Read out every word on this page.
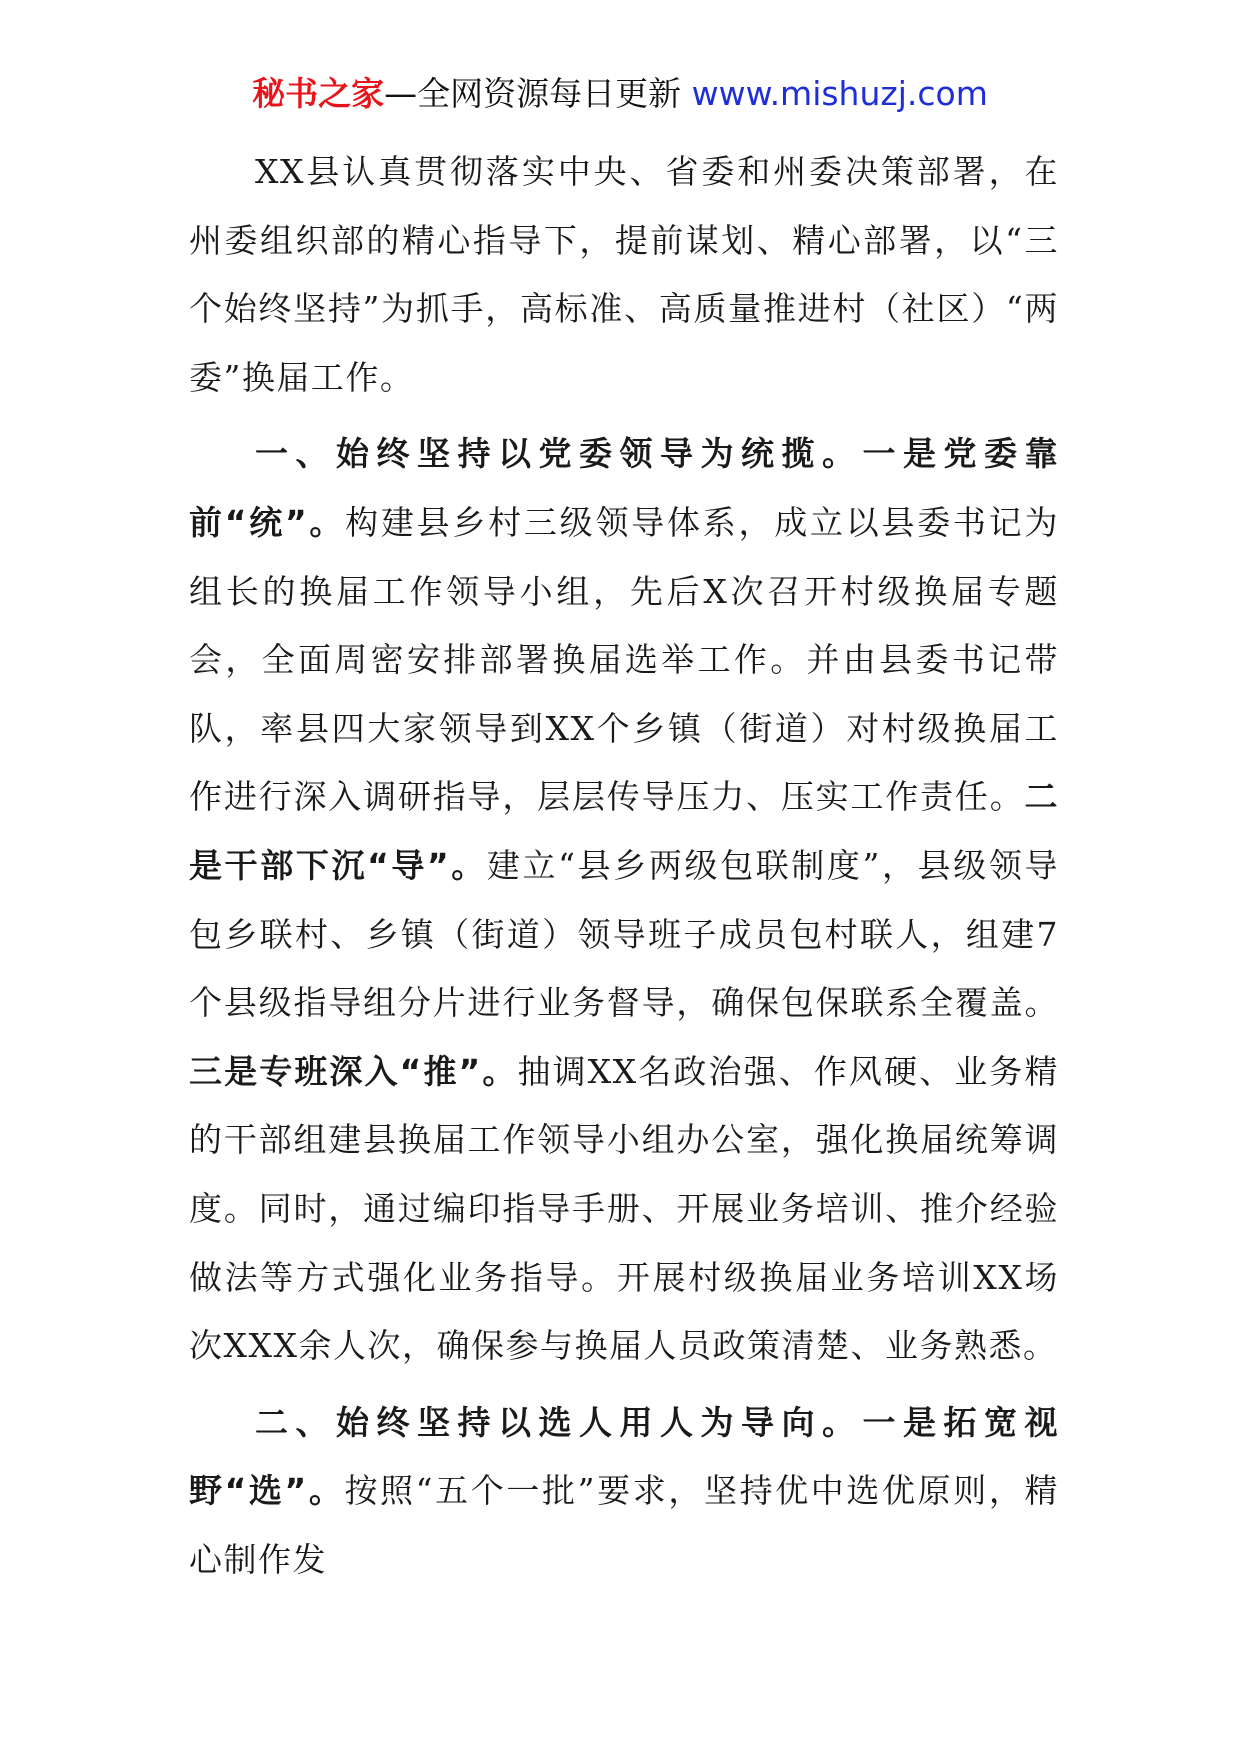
秘书之家—全网资源每日更新 www.mishuzj.com

XX县认真贯彻落实中央、省委和州委决策部署，在州委组织部的精心指导下，提前谋划、精心部署，以“三个始终坚持”为抓手，高标准、高质量推进村（社区）“两委”换届工作。

一、始终坚持以党委领导为统揽。一是党委靠前“统”。构建县乡村三级领导体系，成立以县委书记为组长的换届工作领导小组，先后X次召开村级换届专题会，全面周密安排部署换届选举工作。并由县委书记带队，率县四大家领导到XX个乡镇（街道）对村级换届工作进行深入调研指导，层层传导压力、压实工作责任。二是干部下沉“导”。建立“县乡两级包联制度”，县级领导包乡联村、乡镇（街道）领导班子成员包村联人，组建7个县级指导组分片进行业务督导，确保包保联系全覆盖。三是专班深入“推”。抽调XX名政治强、作风硬、业务精的干部组建县换届工作领导小组办公室，强化换届统筹调度。同时，通过编印指导手册、开展业务培训、推介经验做法等方式强化业务指导。开展村级换届业务培训XX场次XXX余人次，确保参与换届人员政策清楚、业务熟悉。

二、始终坚持以选人用人为导向。一是拓宽视野“选”。按照“五个一批”要求，坚持优中选优原则，精心制作发
